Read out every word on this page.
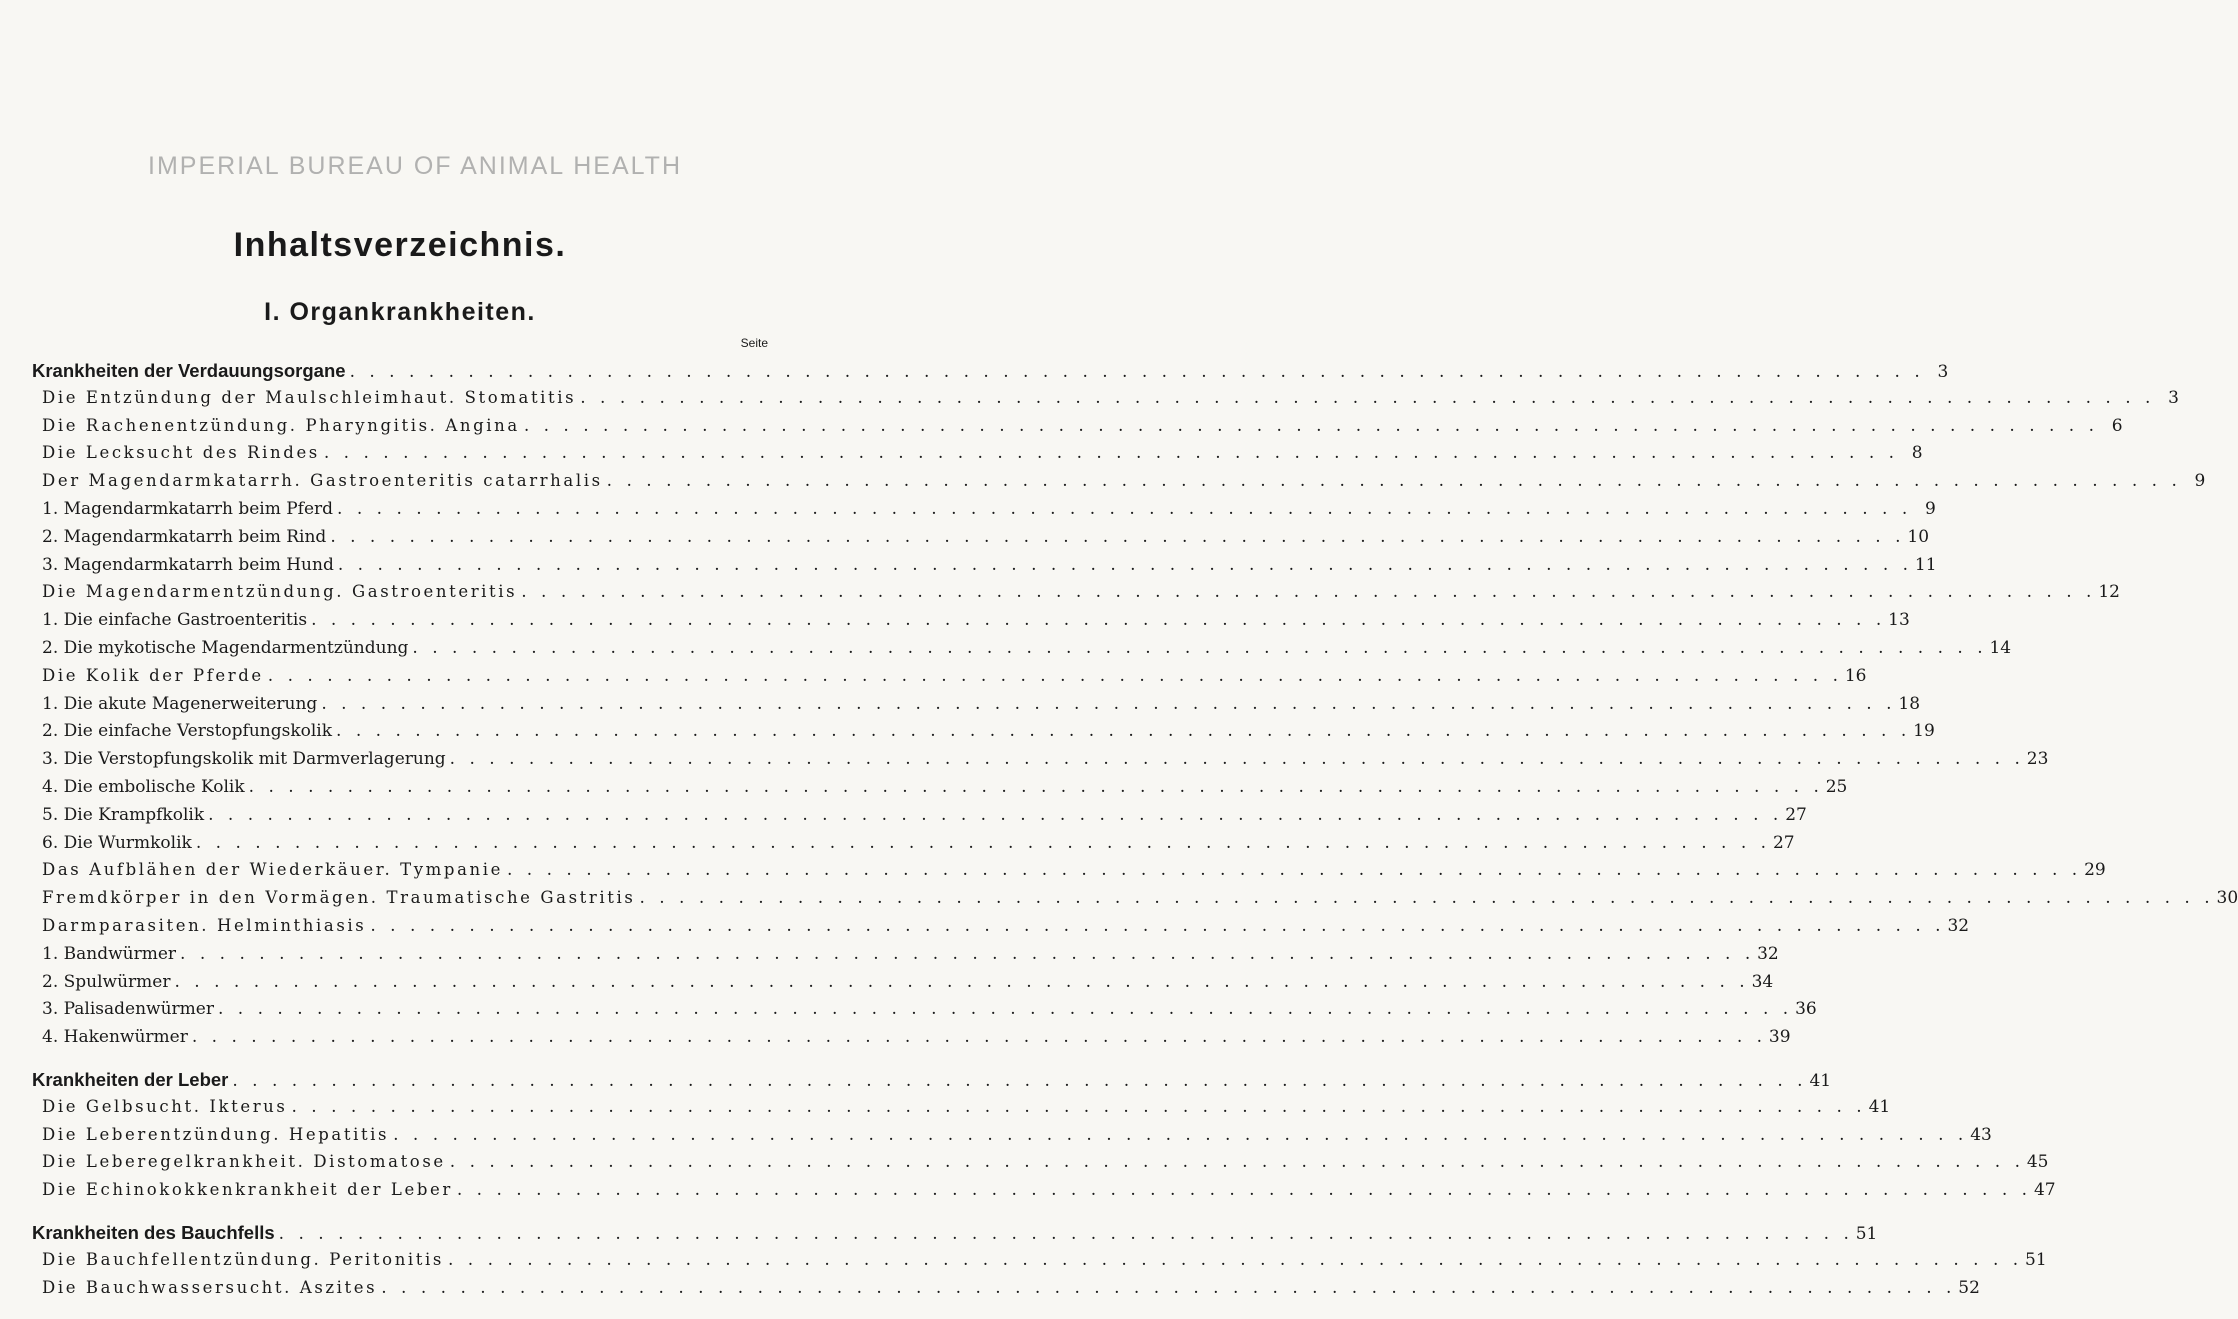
IMPERIAL BUREAU OF ANIMAL HEALTH
Inhaltsverzeichnis.
I. Organkrankheiten.
Seite
Krankheiten der Verdauungsorgane . . . . . . . . . . . . . . . . . . . . . . . . . . . . . . . . . . . . . . . . . . . . . . . . . . . . . . . . . . . . . . . . . . . . . . . . . . . . . . . . 3
Die Entzündung der Maulschleimhaut. Stomatitis . . . . . . . . . . . . . . . . . . . . . . . . . . . . . . . . . . . . . . . . . . . . . . . . . . . . . . . . . . . . . . . . . . . . . . . . . . . . . . . . 3
Die Rachenentzündung. Pharyngitis. Angina . . . . . . . . . . . . . . . . . . . . . . . . . . . . . . . . . . . . . . . . . . . . . . . . . . . . . . . . . . . . . . . . . . . . . . . . . . . . . . . . 6
Die Lecksucht des Rindes . . . . . . . . . . . . . . . . . . . . . . . . . . . . . . . . . . . . . . . . . . . . . . . . . . . . . . . . . . . . . . . . . . . . . . . . . . . . . . . . 8
Der Magendarmkatarrh. Gastroenteritis catarrhalis . . . . . . . . . . . . . . . . . . . . . . . . . . . . . . . . . . . . . . . . . . . . . . . . . . . . . . . . . . . . . . . . . . . . . . . . . . . . . . . . 9
1. Magendarmkatarrh beim Pferd . . . . . . . . . . . . . . . . . . . . . . . . . . . . . . . . . . . . . . . . . . . . . . . . . . . . . . . . . . . . . . . . . . . . . . . . . . . . . . . . 9
2. Magendarmkatarrh beim Rind . . . . . . . . . . . . . . . . . . . . . . . . . . . . . . . . . . . . . . . . . . . . . . . . . . . . . . . . . . . . . . . . . . . . . . . . . . . . . . . . 10
3. Magendarmkatarrh beim Hund . . . . . . . . . . . . . . . . . . . . . . . . . . . . . . . . . . . . . . . . . . . . . . . . . . . . . . . . . . . . . . . . . . . . . . . . . . . . . . . . 11
Die Magendarmentzündung. Gastroenteritis . . . . . . . . . . . . . . . . . . . . . . . . . . . . . . . . . . . . . . . . . . . . . . . . . . . . . . . . . . . . . . . . . . . . . . . . . . . . . . . . 12
1. Die einfache Gastroenteritis . . . . . . . . . . . . . . . . . . . . . . . . . . . . . . . . . . . . . . . . . . . . . . . . . . . . . . . . . . . . . . . . . . . . . . . . . . . . . . . . 13
2. Die mykotische Magendarmentzündung . . . . . . . . . . . . . . . . . . . . . . . . . . . . . . . . . . . . . . . . . . . . . . . . . . . . . . . . . . . . . . . . . . . . . . . . . . . . . . . . 14
Die Kolik der Pferde . . . . . . . . . . . . . . . . . . . . . . . . . . . . . . . . . . . . . . . . . . . . . . . . . . . . . . . . . . . . . . . . . . . . . . . . . . . . . . . . 16
1. Die akute Magenerweiterung . . . . . . . . . . . . . . . . . . . . . . . . . . . . . . . . . . . . . . . . . . . . . . . . . . . . . . . . . . . . . . . . . . . . . . . . . . . . . . . . 18
2. Die einfache Verstopfungskolik . . . . . . . . . . . . . . . . . . . . . . . . . . . . . . . . . . . . . . . . . . . . . . . . . . . . . . . . . . . . . . . . . . . . . . . . . . . . . . . . 19
3. Die Verstopfungskolik mit Darmverlagerung . . . . . . . . . . . . . . . . . . . . . . . . . . . . . . . . . . . . . . . . . . . . . . . . . . . . . . . . . . . . . . . . . . . . . . . . . . . . . . . . 23
4. Die embolische Kolik . . . . . . . . . . . . . . . . . . . . . . . . . . . . . . . . . . . . . . . . . . . . . . . . . . . . . . . . . . . . . . . . . . . . . . . . . . . . . . . . 25
5. Die Krampfkolik . . . . . . . . . . . . . . . . . . . . . . . . . . . . . . . . . . . . . . . . . . . . . . . . . . . . . . . . . . . . . . . . . . . . . . . . . . . . . . . . 27
6. Die Wurmkolik . . . . . . . . . . . . . . . . . . . . . . . . . . . . . . . . . . . . . . . . . . . . . . . . . . . . . . . . . . . . . . . . . . . . . . . . . . . . . . . . 27
Das Aufblähen der Wiederkäuer. Tympanie . . . . . . . . . . . . . . . . . . . . . . . . . . . . . . . . . . . . . . . . . . . . . . . . . . . . . . . . . . . . . . . . . . . . . . . . . . . . . . . . 29
Fremdkörper in den Vormägen. Traumatische Gastritis . . . . . . . . . . . . . . . . . . . . . . . . . . . . . . . . . . . . . . . . . . . . . . . . . . . . . . . . . . . . . . . . . . . . . . . . . . . . . . . . 30
Darmparasiten. Helminthiasis . . . . . . . . . . . . . . . . . . . . . . . . . . . . . . . . . . . . . . . . . . . . . . . . . . . . . . . . . . . . . . . . . . . . . . . . . . . . . . . . 32
1. Bandwürmer . . . . . . . . . . . . . . . . . . . . . . . . . . . . . . . . . . . . . . . . . . . . . . . . . . . . . . . . . . . . . . . . . . . . . . . . . . . . . . . . 32
2. Spulwürmer . . . . . . . . . . . . . . . . . . . . . . . . . . . . . . . . . . . . . . . . . . . . . . . . . . . . . . . . . . . . . . . . . . . . . . . . . . . . . . . . 34
3. Palisadenwürmer . . . . . . . . . . . . . . . . . . . . . . . . . . . . . . . . . . . . . . . . . . . . . . . . . . . . . . . . . . . . . . . . . . . . . . . . . . . . . . . . 36
4. Hakenwürmer . . . . . . . . . . . . . . . . . . . . . . . . . . . . . . . . . . . . . . . . . . . . . . . . . . . . . . . . . . . . . . . . . . . . . . . . . . . . . . . . 39
Krankheiten der Leber . . . . . . . . . . . . . . . . . . . . . . . . . . . . . . . . . . . . . . . . . . . . . . . . . . . . . . . . . . . . . . . . . . . . . . . . . . . . . . . . 41
Die Gelbsucht. Ikterus . . . . . . . . . . . . . . . . . . . . . . . . . . . . . . . . . . . . . . . . . . . . . . . . . . . . . . . . . . . . . . . . . . . . . . . . . . . . . . . . 41
Die Leberentzündung. Hepatitis . . . . . . . . . . . . . . . . . . . . . . . . . . . . . . . . . . . . . . . . . . . . . . . . . . . . . . . . . . . . . . . . . . . . . . . . . . . . . . . . 43
Die Leberegelkrankheit. Distomatose . . . . . . . . . . . . . . . . . . . . . . . . . . . . . . . . . . . . . . . . . . . . . . . . . . . . . . . . . . . . . . . . . . . . . . . . . . . . . . . . 45
Die Echinokokkenkrankheit der Leber . . . . . . . . . . . . . . . . . . . . . . . . . . . . . . . . . . . . . . . . . . . . . . . . . . . . . . . . . . . . . . . . . . . . . . . . . . . . . . . . 47
Krankheiten des Bauchfells . . . . . . . . . . . . . . . . . . . . . . . . . . . . . . . . . . . . . . . . . . . . . . . . . . . . . . . . . . . . . . . . . . . . . . . . . . . . . . . . 51
Die Bauchfellentzündung. Peritonitis . . . . . . . . . . . . . . . . . . . . . . . . . . . . . . . . . . . . . . . . . . . . . . . . . . . . . . . . . . . . . . . . . . . . . . . . . . . . . . . . 51
Die Bauchwassersucht. Aszites . . . . . . . . . . . . . . . . . . . . . . . . . . . . . . . . . . . . . . . . . . . . . . . . . . . . . . . . . . . . . . . . . . . . . . . . . . . . . . . . 52
